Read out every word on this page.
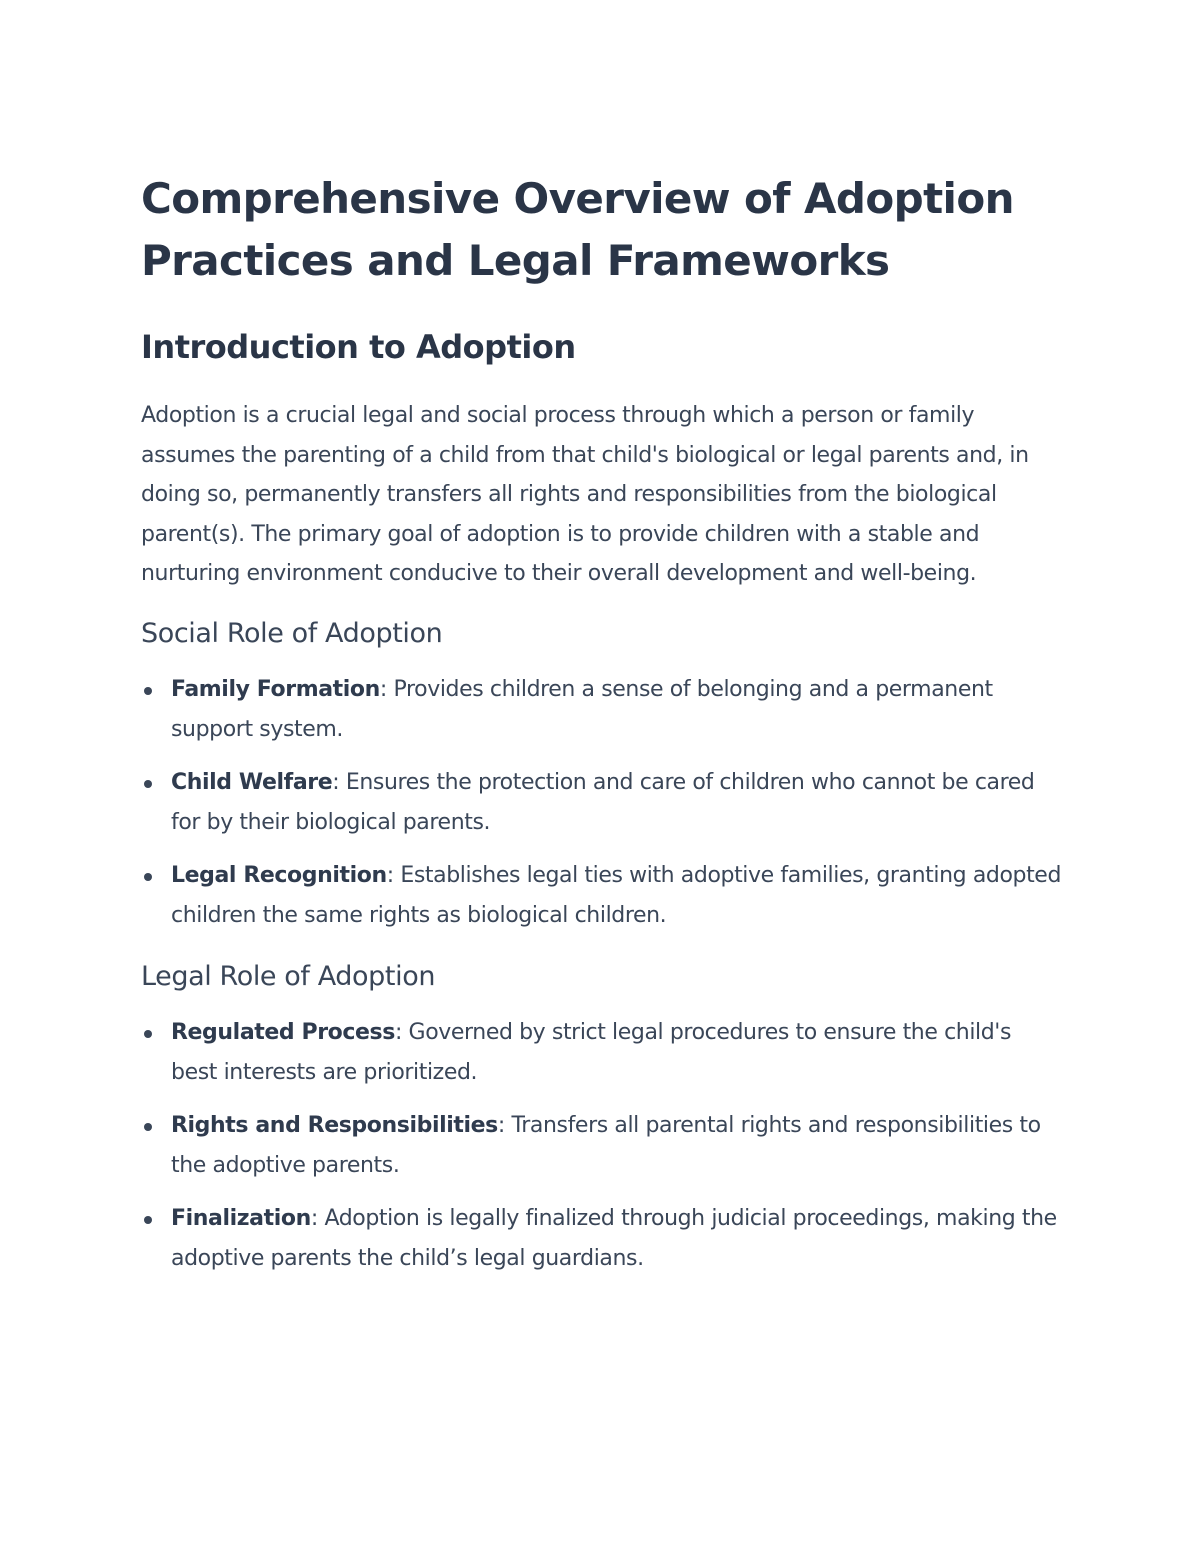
Comprehensive Overview of Adoption Practices and Legal Frameworks
Introduction to Adoption

Adoption is a crucial legal and social process through which a person or family assumes the parenting of a child from that child's biological or legal parents and, in doing so, permanently transfers all rights and responsibilities from the biological parent(s). The primary goal of adoption is to provide children with a stable and nurturing environment conducive to their overall development and well-being.

Social Role of Adoption
Family Formation: Provides children a sense of belonging and a permanent support system.
Child Welfare: Ensures the protection and care of children who cannot be cared for by their biological parents.
Legal Recognition: Establishes legal ties with adoptive families, granting adopted children the same rights as biological children.
Legal Role of Adoption
Regulated Process: Governed by strict legal procedures to ensure the child's best interests are prioritized.
Rights and Responsibilities: Transfers all parental rights and responsibilities to the adoptive parents.
Finalization: Adoption is legally finalized through judicial proceedings, making the adoptive parents the child’s legal guardians.
